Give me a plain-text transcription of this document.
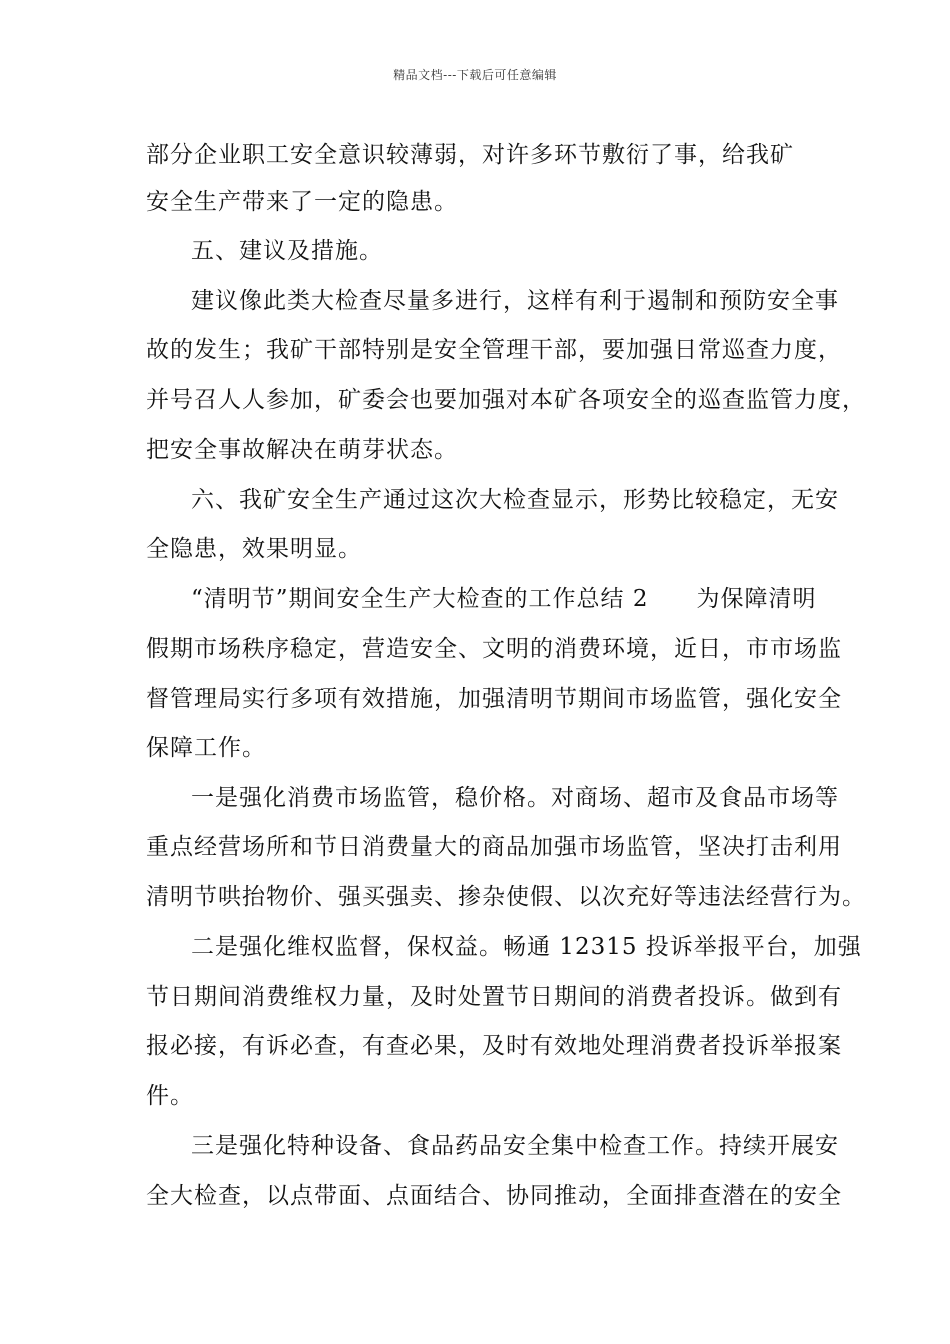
精品文档---下载后可任意编辑
部分企业职工安全意识较薄弱，对许多环节敷衍了事，给我矿
安全生产带来了一定的隐患。
五、建议及措施。
建议像此类大检查尽量多进行，这样有利于遏制和预防安全事
故的发生；我矿干部特别是安全管理干部，要加强日常巡查力度，
并号召人人参加，矿委会也要加强对本矿各项安全的巡查监管力度，
把安全事故解决在萌芽状态。
六、我矿安全生产通过这次大检查显示，形势比较稳定，无安
全隐患，效果明显。
“清明节”期间安全生产大检查的工作总结 2　　为保障清明
假期市场秩序稳定，营造安全、文明的消费环境，近日，市市场监
督管理局实行多项有效措施，加强清明节期间市场监管，强化安全
保障工作。
一是强化消费市场监管，稳价格。对商场、超市及食品市场等
重点经营场所和节日消费量大的商品加强市场监管，坚决打击利用
清明节哄抬物价、强买强卖、掺杂使假、以次充好等违法经营行为。
二是强化维权监督，保权益。畅通 12315 投诉举报平台，加强
节日期间消费维权力量，及时处置节日期间的消费者投诉。做到有
报必接，有诉必查，有查必果，及时有效地处理消费者投诉举报案
件。
三是强化特种设备、食品药品安全集中检查工作。持续开展安
全大检查，以点带面、点面结合、协同推动，全面排查潜在的安全
